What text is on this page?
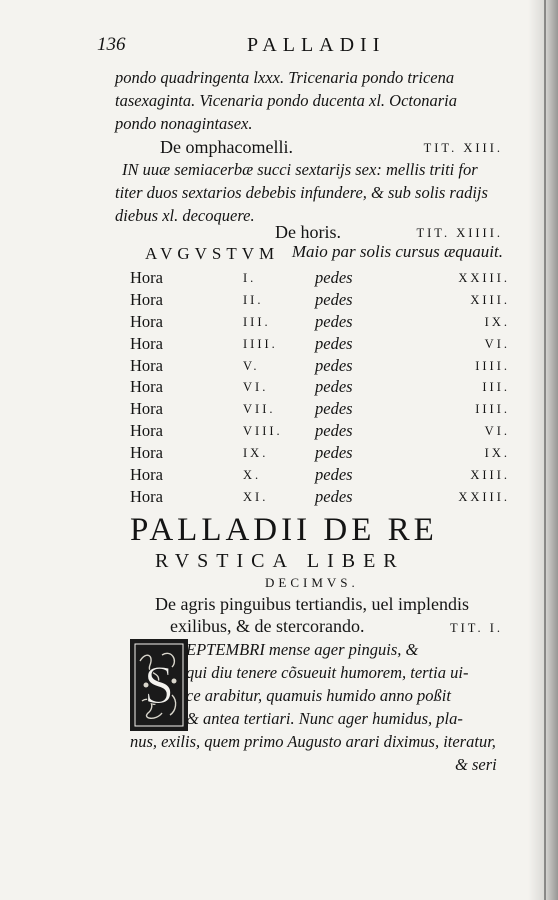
136	PALLADII
pondo quadringenta lxxx. Tricenaria pondo tricena
tasexaginta. Vicenaria pondo ducenta xl. Octonaria
pondo nonagintasex.
De omphacomelli.	TIT. XIII.
IN uuæ semiacerbæ succi sextarijs sex: mellis triti for
titer duos sextarios debebis infundere, & sub solis radijs
diebus xl. decoquere.
De horis.	TIT. XIIII.
AVGVSTVM Maio par solis cursus æquauit.
Hora	I.	pedes	XXIII.
Hora	II.	pedes	XIII.
Hora	III.	pedes	IX.
Hora	IIII. pedes	VI.
Hora	V.	pedes	IIII.
Hora	VI.	pedes	III.
Hora	VII. pedes	IIII.
Hora	VIII. pedes	VI.
Hora	IX.	pedes	IX.
Hora	X.	pedes	XIII.
Hora	XI.	pedes	XXIII.
PALLADII DE RE
RVSTICA LIBER
DECIMVS.
De agris pinguibus tertiandis, uel implendis
exilibus, & de stercorando.	TIT. I.
S
EPTEMBRI mense ager pinguis, &
qui diu tenere cõsueuit humorem, tertia ui-
ce arabitur, quamuis humido anno poßit
& antea tertiari. Nunc ager humidus, pla-
nus, exilis, quem primo Augusto arari diximus, iteratur,
& seri
